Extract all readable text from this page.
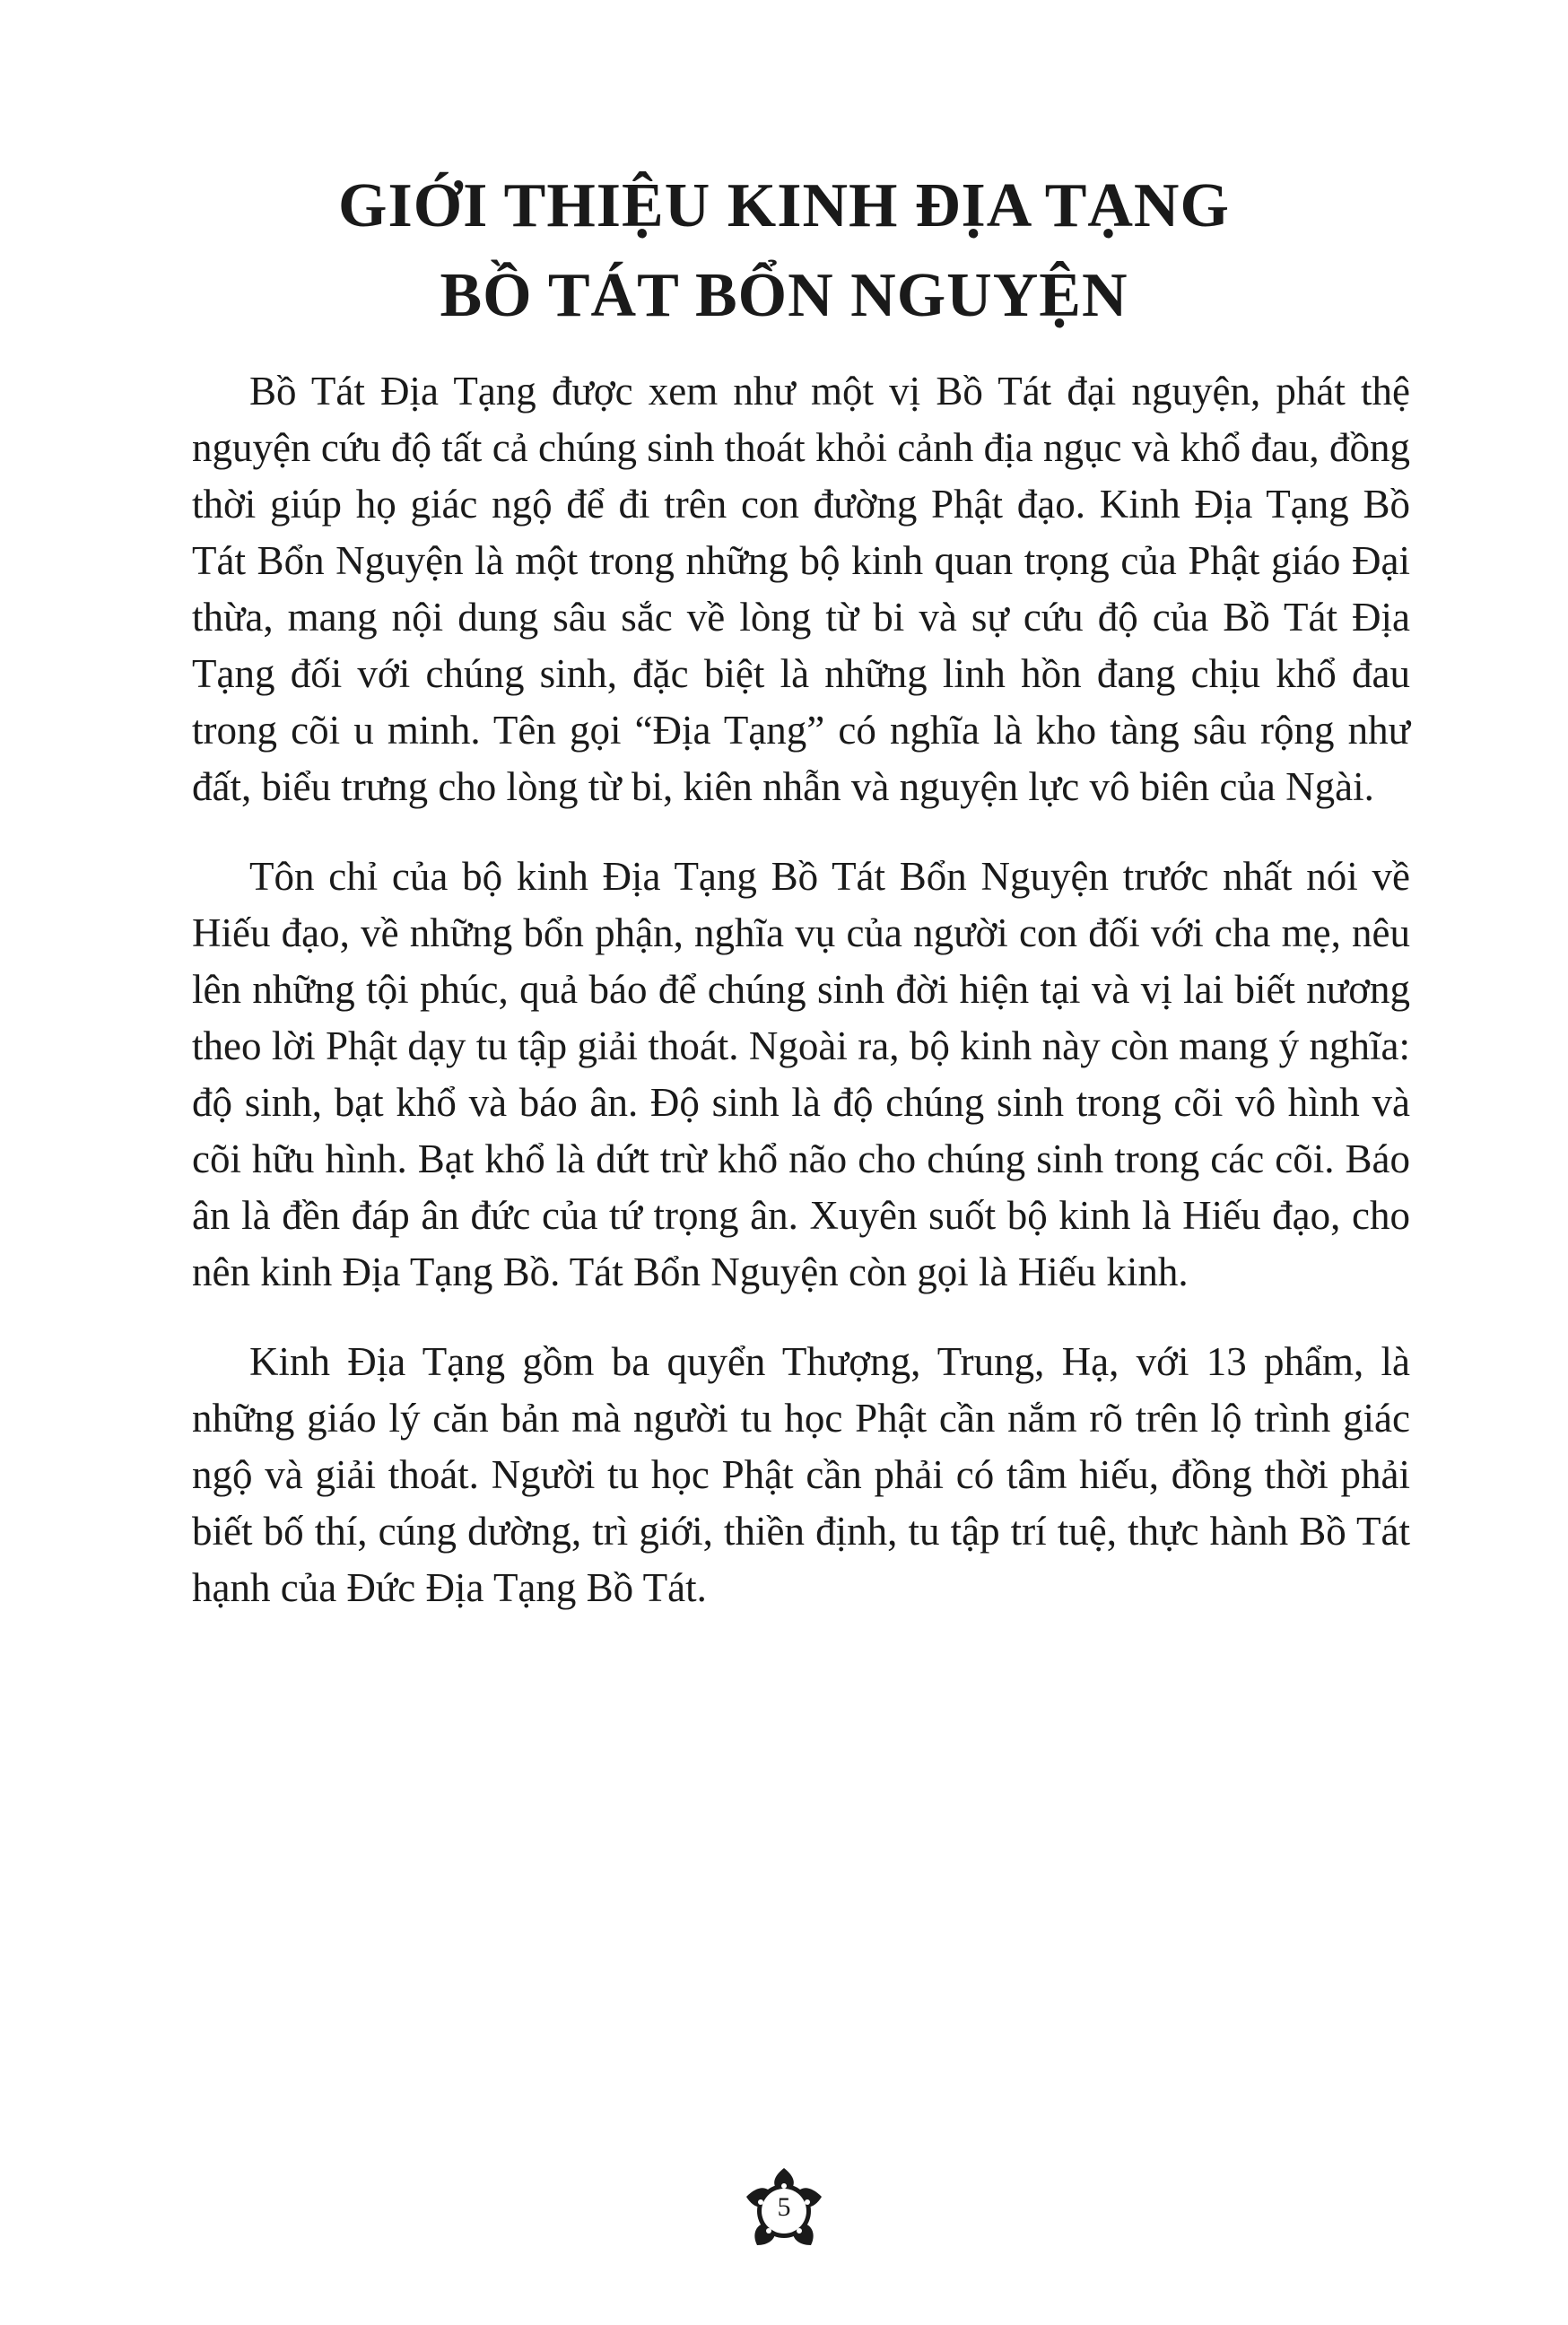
GIỚI THIỆU KINH ĐỊA TẠNG
BỒ TÁT BỔN NGUYỆN

Bồ Tát Địa Tạng được xem như một vị Bồ Tát đại nguyện, phát thệ nguyện cứu độ tất cả chúng sinh thoát khỏi cảnh địa ngục và khổ đau, đồng thời giúp họ giác ngộ để đi trên con đường Phật đạo. Kinh Địa Tạng Bồ Tát Bổn Nguyện là một trong những bộ kinh quan trọng của Phật giáo Đại thừa, mang nội dung sâu sắc về lòng từ bi và sự cứu độ của Bồ Tát Địa Tạng đối với chúng sinh, đặc biệt là những linh hồn đang chịu khổ đau trong cõi u minh. Tên gọi “Địa Tạng” có nghĩa là kho tàng sâu rộng như đất, biểu trưng cho lòng từ bi, kiên nhẫn và nguyện lực vô biên của Ngài.

Tôn chỉ của bộ kinh Địa Tạng Bồ Tát Bổn Nguyện trước nhất nói về Hiếu đạo, về những bổn phận, nghĩa vụ của người con đối với cha mẹ, nêu lên những tội phúc, quả báo để chúng sinh đời hiện tại và vị lai biết nương theo lời Phật dạy tu tập giải thoát. Ngoài ra, bộ kinh này còn mang ý nghĩa: độ sinh, bạt khổ và báo ân. Độ sinh là độ chúng sinh trong cõi vô hình và cõi hữu hình. Bạt khổ là dứt trừ khổ não cho chúng sinh trong các cõi. Báo ân là đền đáp ân đức của tứ trọng ân. Xuyên suốt bộ kinh là Hiếu đạo, cho nên kinh Địa Tạng Bồ. Tát Bổn Nguyện còn gọi là Hiếu kinh.

Kinh Địa Tạng gồm ba quyển Thượng, Trung, Hạ, với 13 phẩm, là những giáo lý căn bản mà người tu học Phật cần nắm rõ trên lộ trình giác ngộ và giải thoát. Người tu học Phật cần phải có tâm hiếu, đồng thời phải biết bố thí, cúng dường, trì giới, thiền định, tu tập trí tuệ, thực hành Bồ Tát hạnh của Đức Địa Tạng Bồ Tát.

5
